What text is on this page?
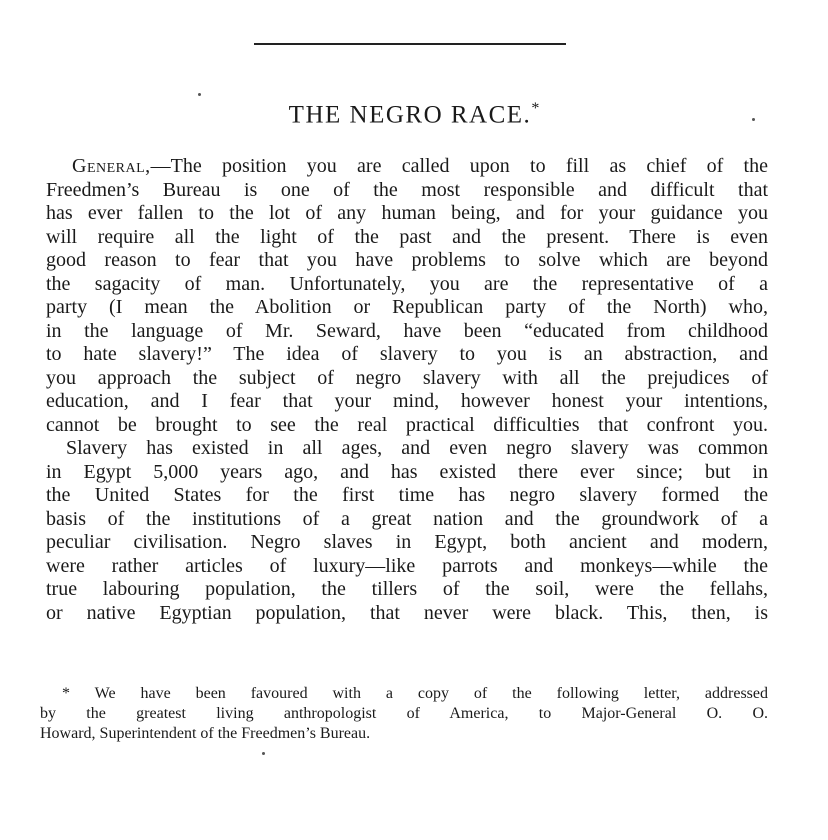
THE NEGRO RACE.*
General,—The position you are called upon to fill as chief of the
Freedmen’s Bureau is one of the most responsible and difficult that
has ever fallen to the lot of any human being, and for your guidance you
will require all the light of the past and the present. There is even
good reason to fear that you have problems to solve which are beyond
the sagacity of man. Unfortunately, you are the representative of a
party (I mean the Abolition or Republican party of the North) who,
in the language of Mr. Seward, have been “educated from childhood
to hate slavery!” The idea of slavery to you is an abstraction, and
you approach the subject of negro slavery with all the prejudices of
education, and I fear that your mind, however honest your intentions,
cannot be brought to see the real practical difficulties that confront you.
Slavery has existed in all ages, and even negro slavery was common
in Egypt 5,000 years ago, and has existed there ever since; but in
the United States for the first time has negro slavery formed the
basis of the institutions of a great nation and the groundwork of a
peculiar civilisation. Negro slaves in Egypt, both ancient and modern,
were rather articles of luxury—like parrots and monkeys—while the
true labouring population, the tillers of the soil, were the fellahs,
or native Egyptian population, that never were black. This, then, is
* We have been favoured with a copy of the following letter, addressed
by the greatest living anthropologist of America, to Major-General O. O.
Howard, Superintendent of the Freedmen’s Bureau.
